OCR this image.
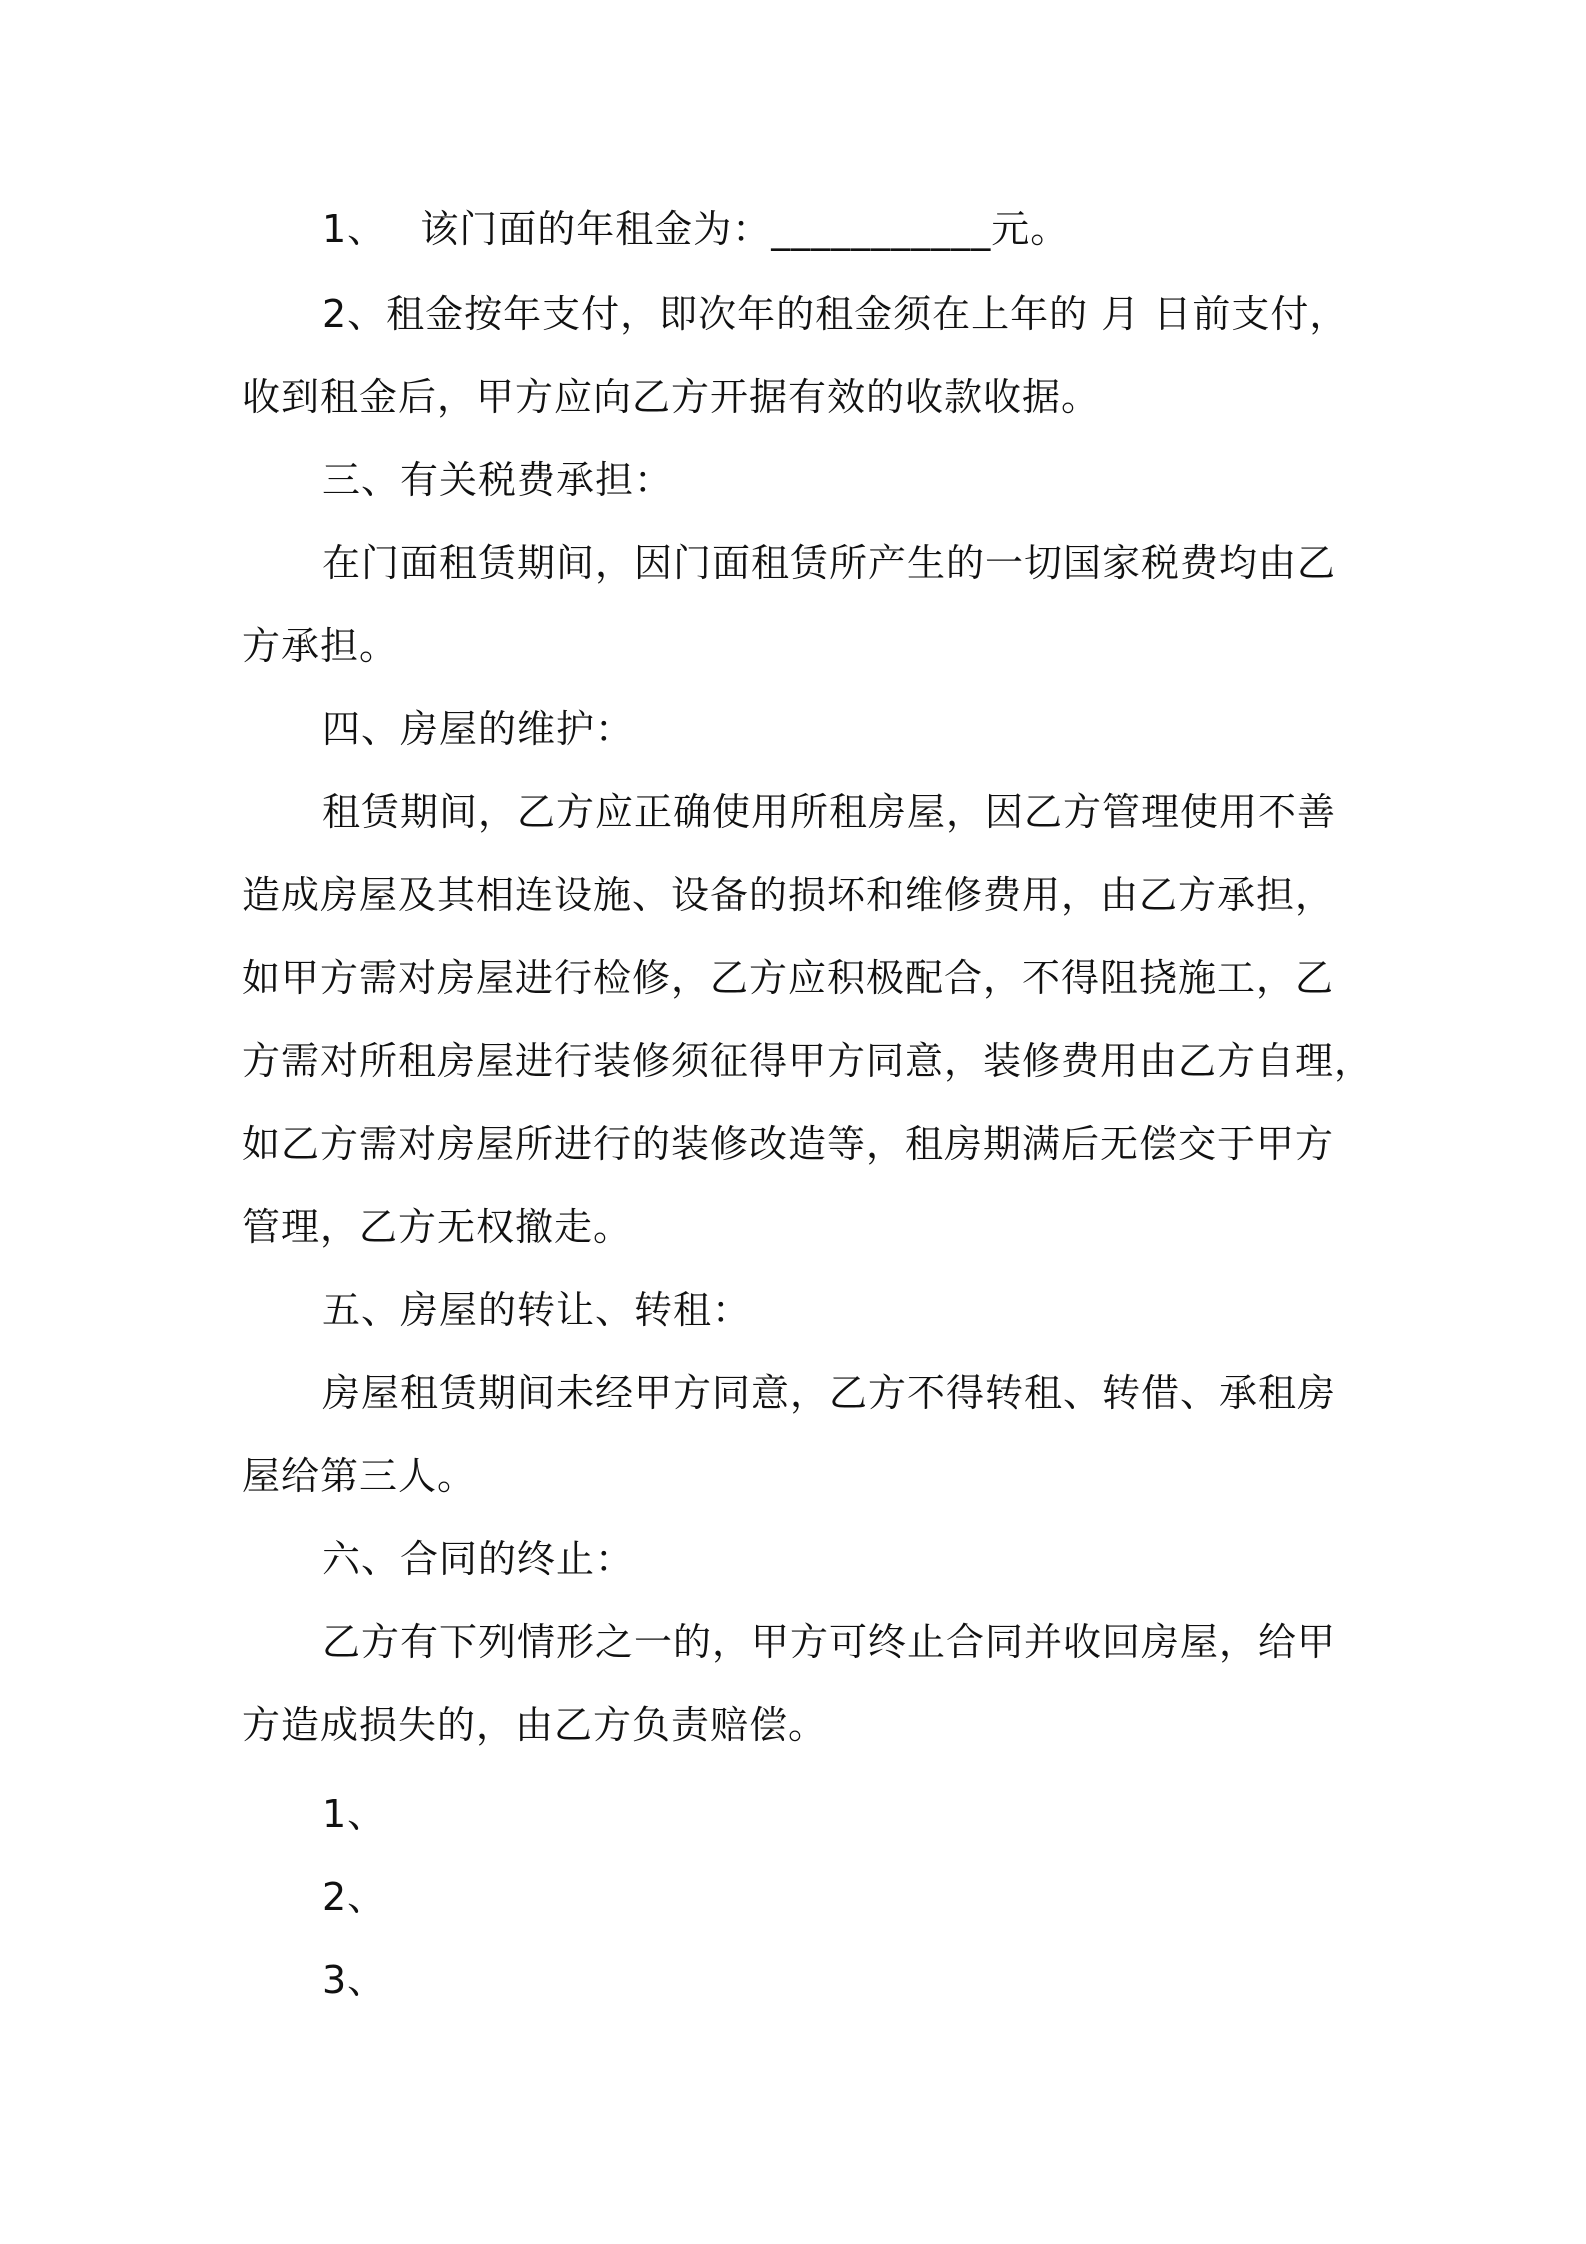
1、 该门面的年租金为：___________元。
2、租金按年支付，即次年的租金须在上年的 月 日前支付，
收到租金后，甲方应向乙方开据有效的收款收据。
三、有关税费承担：
在门面租赁期间，因门面租赁所产生的一切国家税费均由乙
方承担。
四、房屋的维护：
租赁期间，乙方应正确使用所租房屋，因乙方管理使用不善
造成房屋及其相连设施、设备的损坏和维修费用，由乙方承担，
如甲方需对房屋进行检修，乙方应积极配合，不得阻挠施工，乙
方需对所租房屋进行装修须征得甲方同意，装修费用由乙方自理，
如乙方需对房屋所进行的装修改造等，租房期满后无偿交于甲方
管理，乙方无权撤走。
五、房屋的转让、转租：
房屋租赁期间未经甲方同意，乙方不得转租、转借、承租房
屋给第三人。
六、合同的终止：
乙方有下列情形之一的，甲方可终止合同并收回房屋，给甲
方造成损失的，由乙方负责赔偿。
1、
2、
3、
